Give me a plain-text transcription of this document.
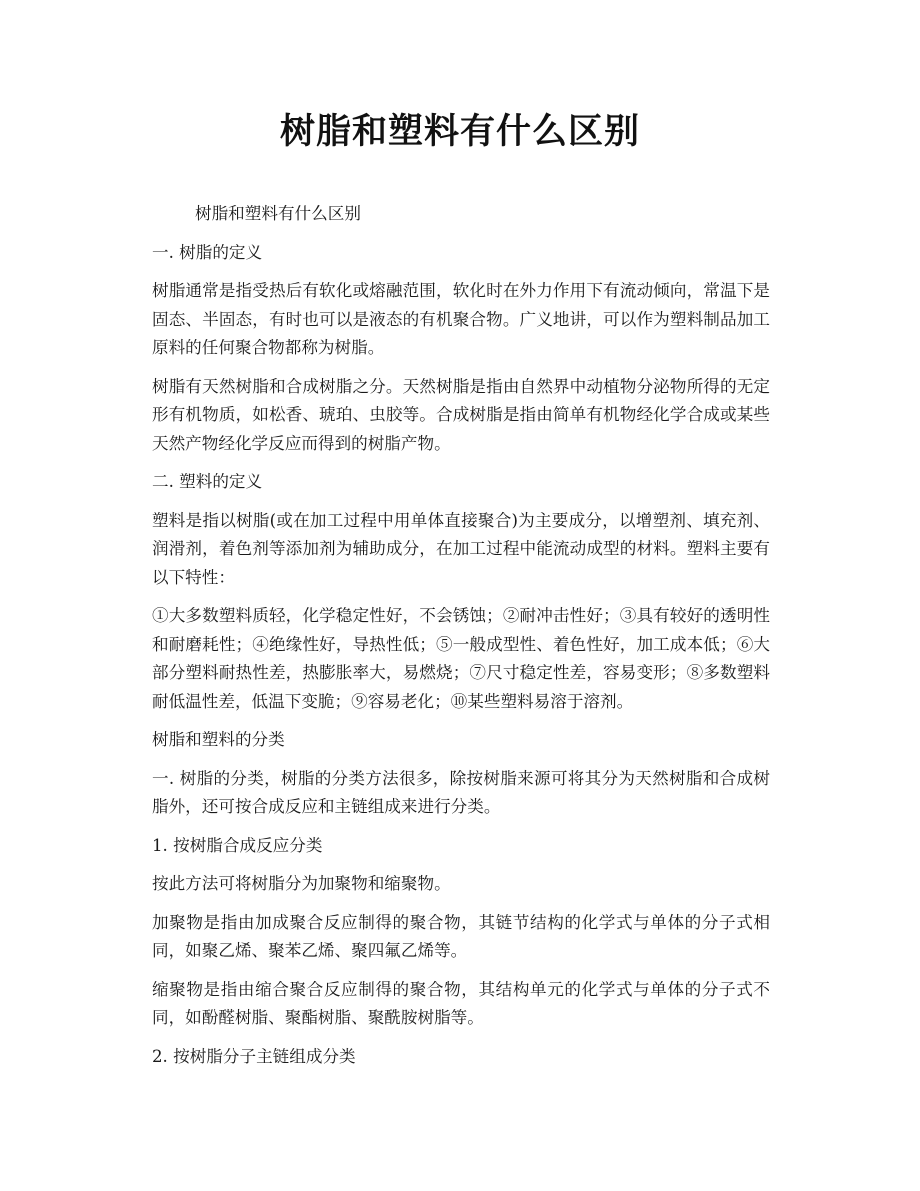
树脂和塑料有什么区别

树脂和塑料有什么区别

一. 树脂的定义

树脂通常是指受热后有软化或熔融范围，软化时在外力作用下有流动倾向，常温下是固态、半固态，有时也可以是液态的有机聚合物。广义地讲，可以作为塑料制品加工原料的任何聚合物都称为树脂。

树脂有天然树脂和合成树脂之分。天然树脂是指由自然界中动植物分泌物所得的无定形有机物质，如松香、琥珀、虫胶等。合成树脂是指由简单有机物经化学合成或某些天然产物经化学反应而得到的树脂产物。

二. 塑料的定义

塑料是指以树脂(或在加工过程中用单体直接聚合)为主要成分，以增塑剂、填充剂、润滑剂，着色剂等添加剂为辅助成分，在加工过程中能流动成型的材料。塑料主要有以下特性：

①大多数塑料质轻，化学稳定性好，不会锈蚀；②耐冲击性好；③具有较好的透明性和耐磨耗性；④绝缘性好，导热性低；⑤一般成型性、着色性好，加工成本低；⑥大部分塑料耐热性差，热膨胀率大，易燃烧；⑦尺寸稳定性差，容易变形；⑧多数塑料耐低温性差，低温下变脆；⑨容易老化；⑩某些塑料易溶于溶剂。

树脂和塑料的分类

一. 树脂的分类，树脂的分类方法很多，除按树脂来源可将其分为天然树脂和合成树脂外，还可按合成反应和主链组成来进行分类。

1. 按树脂合成反应分类

按此方法可将树脂分为加聚物和缩聚物。

加聚物是指由加成聚合反应制得的聚合物，其链节结构的化学式与单体的分子式相同，如聚乙烯、聚苯乙烯、聚四氟乙烯等。

缩聚物是指由缩合聚合反应制得的聚合物，其结构单元的化学式与单体的分子式不同，如酚醛树脂、聚酯树脂、聚酰胺树脂等。

2. 按树脂分子主链组成分类
